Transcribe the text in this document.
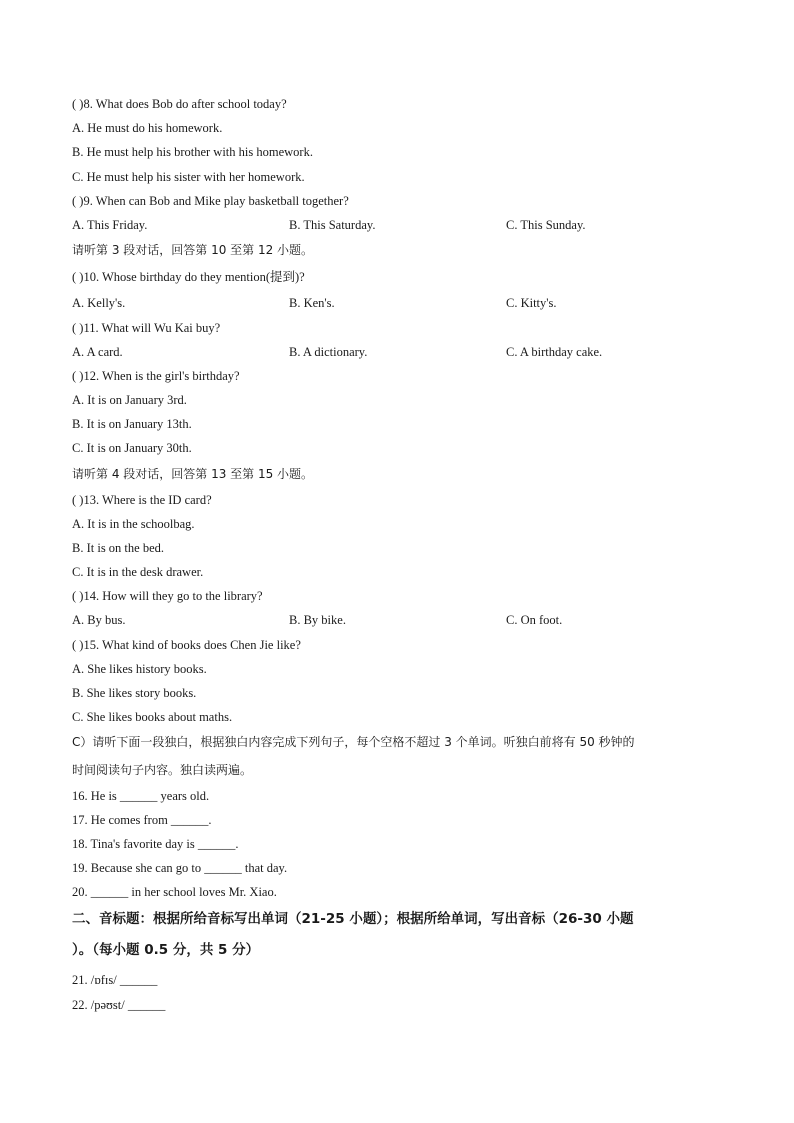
( )8. What does Bob do after school today?
A. He must do his homework.
B. He must help his brother with his homework.
C. He must help his sister with her homework.
( )9. When can Bob and Mike play basketball together?
A. This Friday.	B. This Saturday.	C. This Sunday.
请听第 3 段对话，回答第 10 至第 12 小题。
( )10. Whose birthday do they mention(提到)?
A. Kelly's.	B. Ken's.	C. Kitty's.
( )11. What will Wu Kai buy?
A. A card.	B. A dictionary.	C. A birthday cake.
( )12. When is the girl's birthday?
A. It is on January 3rd.
B. It is on January 13th.
C. It is on January 30th.
请听第 4 段对话，回答第 13 至第 15 小题。
( )13. Where is the ID card?
A. It is in the schoolbag.
B. It is on the bed.
C. It is in the desk drawer.
( )14. How will they go to the library?
A. By bus.	B. By bike.	C. On foot.
( )15. What kind of books does Chen Jie like?
A. She likes history books.
B. She likes story books.
C. She likes books about maths.
C）请听下面一段独白，根据独白内容完成下列句子，每个空格不超过 3 个单词。听独白前将有 50 秒钟的
时间阅读句子内容。独白读两遍。
16. He is ______ years old.
17. He comes from ______.
18. Tina's favorite day is ______.
19. Because she can go to ______ that day.
20. ______ in her school loves Mr. Xiao.
二、音标题：根据所给音标写出单词（21-25 小题）；根据所给单词，写出音标（26-30 小题
）。（每小题 0.5 分，共 5 分）
21. /ɒfɪs/ ______
22. /pəʊst/ ______
